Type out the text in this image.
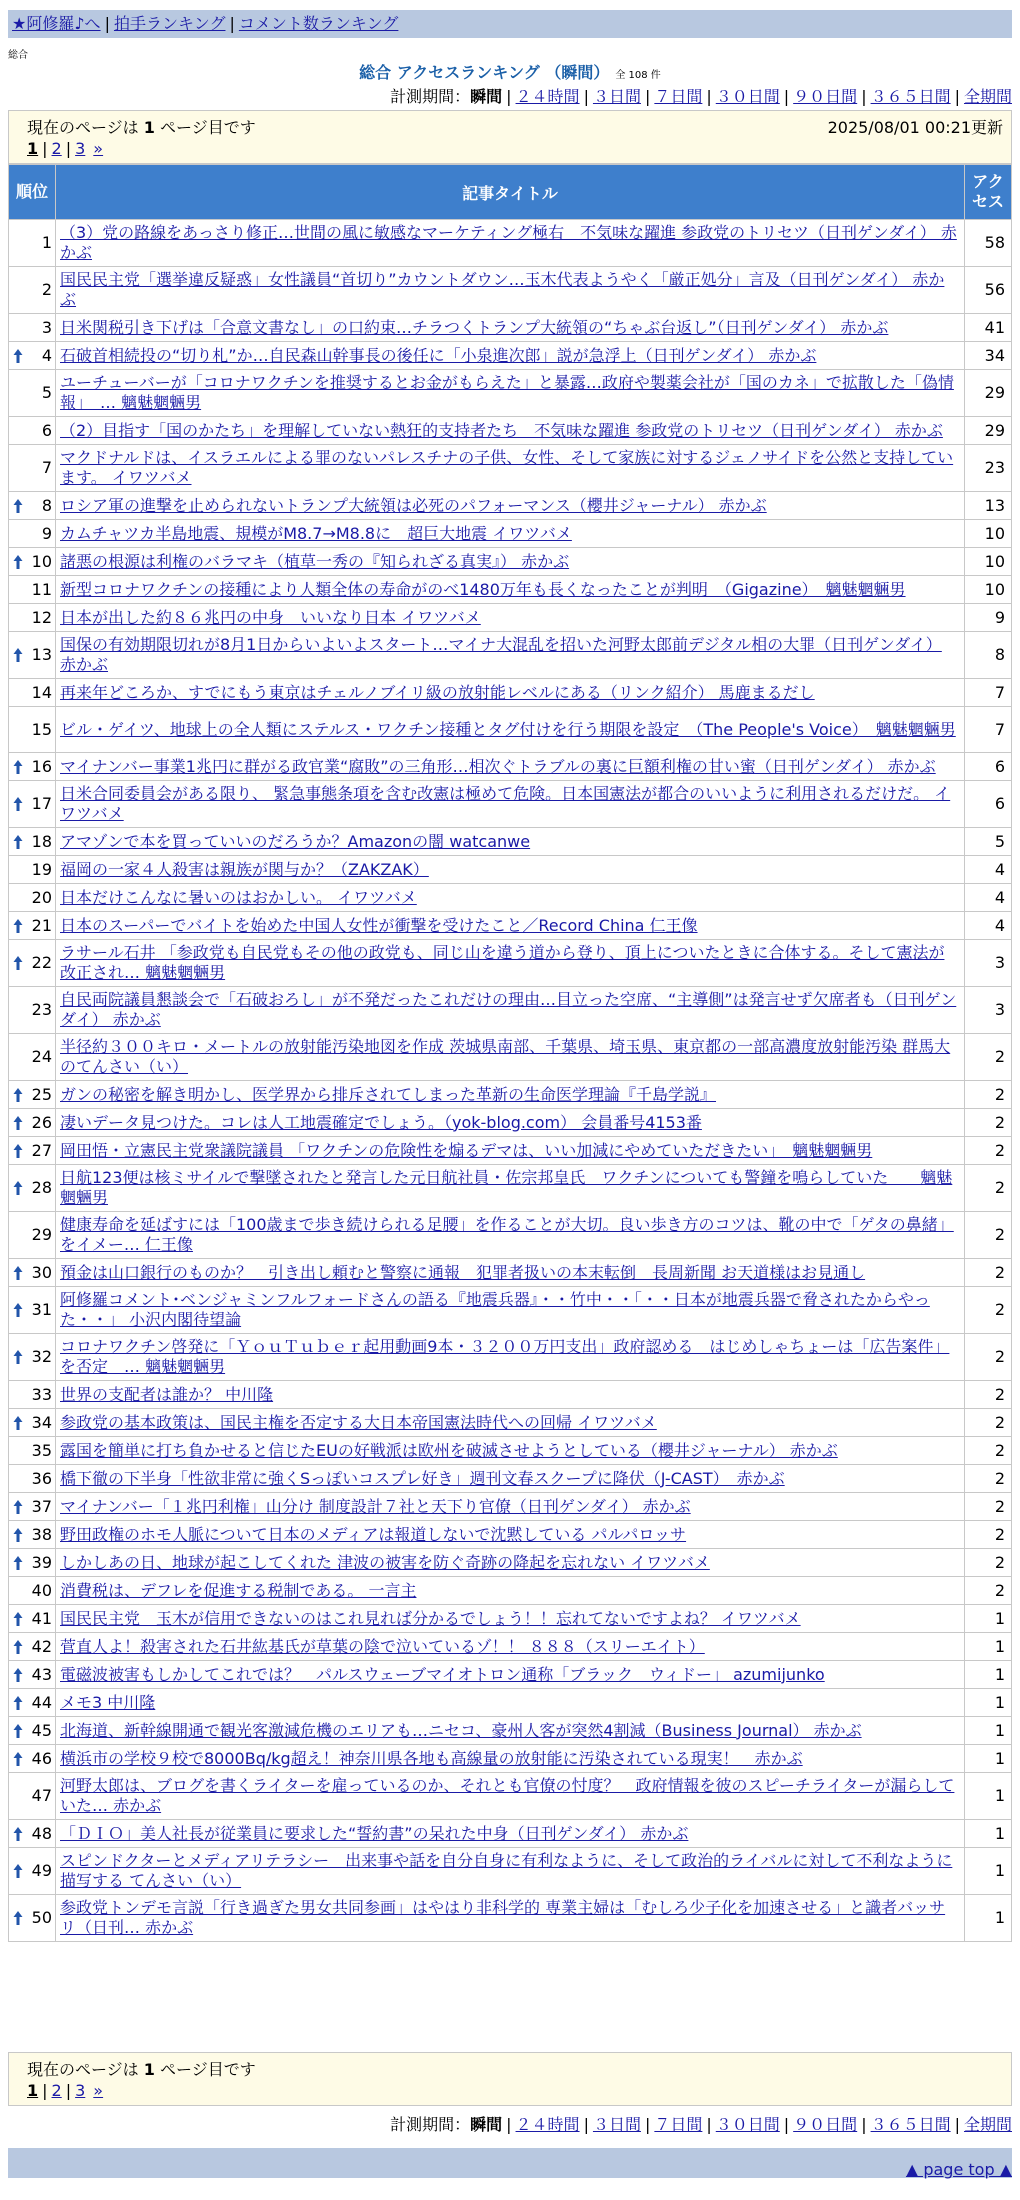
★阿修羅♪へ | 拍手ランキング | コメント数ランキング
総合
総合 アクセスランキング （瞬間） 全 108 件
計測期間：瞬間 | ２４時間 | ３日間 | ７日間 | ３０日間 | ９０日間 | ３６５日間 | 全期間
現在のページは 1 ページ目です	2025/08/01 00:21更新
1 | 2 | 3 »
順位	記事タイトル	アクセス
1	（3）党の路線をあっさり修正…世間の風に敏感なマーケティング極右　不気味な躍進 参政党のトリセツ（日刊ゲンダイ） 赤かぶ	58
2	国民民主党「選挙違反疑惑」女性議員“首切り”カウントダウン…玉木代表ようやく「厳正処分」言及（日刊ゲンダイ） 赤かぶ	56
3	日米関税引き下げは「合意文書なし」の口約束…チラつくトランプ大統領の“ちゃぶ台返し”（日刊ゲンダイ） 赤かぶ	41

4	石破首相続投の“切り札”か…自民森山幹事長の後任に「小泉進次郎」説が急浮上（日刊ゲンダイ） 赤かぶ	34
5	ユーチューバーが「コロナワクチンを推奨するとお金がもらえた」と暴露…政府や製薬会社が「国のカネ」で拡散した「偽情報」　… 魑魅魍魎男	29
6	（2）目指す「国のかたち」を理解していない熱狂的支持者たち　不気味な躍進 参政党のトリセツ（日刊ゲンダイ） 赤かぶ	29
7	マクドナルドは、イスラエルによる罪のないパレスチナの子供、女性、そして家族に対するジェノサイドを公然と支持しています。 イワツバメ	23

8	ロシア軍の進撃を止められないトランプ大統領は必死のパフォーマンス（櫻井ジャーナル） 赤かぶ	13
9	カムチャツカ半島地震、規模がM8.7→M8.8に　超巨大地震 イワツバメ	10

10	諸悪の根源は利権のバラマキ（植草一秀の『知られざる真実』） 赤かぶ	10
11	新型コロナワクチンの接種により人類全体の寿命がのべ1480万年も長くなったことが判明　（Gigazine）　魑魅魍魎男	10
12	日本が出した約８６兆円の中身　いいなり日本 イワツバメ	9

13	国保の有効期限切れが8月1日からいよいよスタート…マイナ大混乱を招いた河野太郎前デジタル相の大罪（日刊ゲンダイ） 赤かぶ	8
14	再来年どころか、すでにもう東京はチェルノブイリ級の放射能レベルにある（リンク紹介） 馬鹿まるだし	7
15	ビル・ゲイツ、地球上の全人類にステルス・ワクチン接種とタグ付けを行う期限を設定　（The People's Voice）　魑魅魍魎男	7

16	マイナンバー事業1兆円に群がる政官業“腐敗”の三角形…相次ぐトラブルの裏に巨額利権の甘い蜜（日刊ゲンダイ） 赤かぶ	6

17	日米合同委員会がある限り、 緊急事態条項を含む改憲は極めて危険。日本国憲法が都合のいいように利用されるだけだ。 イワツバメ	6

18	アマゾンで本を買っていいのだろうか？Amazonの闇 watcanwe	5
19	福岡の一家４人殺害は親族が関与か？（ZAKZAK）	4
20	日本だけこんなに暑いのはおかしい。 イワツバメ	4

21	日本のスーパーでバイトを始めた中国人女性が衝撃を受けたこと／Record China 仁王像	4

22	ラサール石井 「参政党も自民党もその他の政党も、同じ山を違う道から登り、頂上についたときに合体する。そして憲法が改正され… 魑魅魍魎男	3
23	自民両院議員懇談会で「石破おろし」が不発だったこれだけの理由…目立った空席、“主導側”は発言せず欠席者も（日刊ゲンダイ） 赤かぶ	3
24	半径約３００キロ・メートルの放射能汚染地図を作成 茨城県南部、千葉県、埼玉県、東京都の一部高濃度放射能汚染 群馬大のてんさい（い）	2

25	ガンの秘密を解き明かし、医学界から排斥されてしまった革新の生命医学理論『千島学説』	2

26	凄いデータ見つけた。コレは人工地震確定でしょう。（yok-blog.com） 会員番号4153番	2

27	岡田悟・立憲民主党衆議院議員 「ワクチンの危険性を煽るデマは、いい加減にやめていただきたい」　魑魅魍魎男	2

28	日航123便は核ミサイルで撃墜されたと発言した元日航社員・佐宗邦皇氏　ワクチンについても警鐘を鳴らしていた　　魑魅魍魎男	2
29	健康寿命を延ばすには「100歳まで歩き続けられる足腰」を作ることが大切。良い歩き方のコツは、靴の中で「ゲタの鼻緒」をイメー… 仁王像	2

30	預金は山口銀行のものか？　引き出し頼むと警察に通報　犯罪者扱いの本末転倒　長周新聞 お天道様はお見通し	2

31	阿修羅コメント･ベンジャミンフルフォードさんの語る『地震兵器』・・竹中・・「・・日本が地震兵器で脅されたからやった・・」 小沢内閣待望論	2

32	コロナワクチン啓発に「ＹｏｕＴｕｂｅｒ起用動画9本・３２００万円支出」政府認める　はじめしゃちょーは「広告案件」を否定　… 魑魅魍魎男	2
33	世界の支配者は誰か？ 中川隆	2

34	参政党の基本政策は、国民主権を否定する大日本帝国憲法時代への回帰 イワツバメ	2
35	露国を簡単に打ち負かせると信じたEUの好戦派は欧州を破滅させようとしている（櫻井ジャーナル） 赤かぶ	2
36	橋下徹の下半身「性欲非常に強くSっぽいコスプレ好き」週刊文春スクープに降伏（J-CAST）　赤かぶ	2

37	マイナンバー「１兆円利権」山分け 制度設計７社と天下り官僚（日刊ゲンダイ） 赤かぶ	2

38	野田政権のホモ人脈について日本のメディアは報道しないで沈黙している パルパロッサ	2

39	しかしあの日、地球が起こしてくれた 津波の被害を防ぐ奇跡の降起を忘れない イワツバメ	2
40	消費税は、デフレを促進する税制である。 一言主	2

41	国民民主党　玉木が信用できないのはこれ見れば分かるでしょう！！忘れてないですよね？ イワツバメ	1

42	菅直人よ！殺害された石井紘基氏が草葉の陰で泣いているゾ！！ ８８８（スリーエイト）	1

43	電磁波被害もしかしてこれでは？　パルスウェーブマイオトロン通称「ブラック　ウィドー」 azumijunko	1

44	メモ3 中川隆	1

45	北海道、新幹線開通で観光客激減危機のエリアも…ニセコ、豪州人客が突然4割減（Business Journal） 赤かぶ	1

46	横浜市の学校９校で8000Bq/kg超え！神奈川県各地も高線量の放射能に汚染されている現実！　赤かぶ	1
47	河野太郎は、ブログを書くライターを雇っているのか、それとも官僚の忖度？　政府情報を彼のスピーチライターが漏らしていた… 赤かぶ	1

48	「ＤＩＯ」美人社長が従業員に要求した“誓約書”の呆れた中身（日刊ゲンダイ） 赤かぶ	1

49	スピンドクターとメディアリテラシー　出来事や話を自分自身に有利なように、そして政治的ライバルに対して不利なように描写する てんさい（い）	1

50	参政党トンデモ言説「行き過ぎた男女共同参画」はやはり非科学的 専業主婦は「むしろ少子化を加速させる」と識者バッサリ（日刊… 赤かぶ	1
現在のページは 1 ページ目です
1 | 2 | 3 »
計測期間：瞬間 | ２４時間 | ３日間 | ７日間 | ３０日間 | ９０日間 | ３６５日間 | 全期間
▲ page top ▲
